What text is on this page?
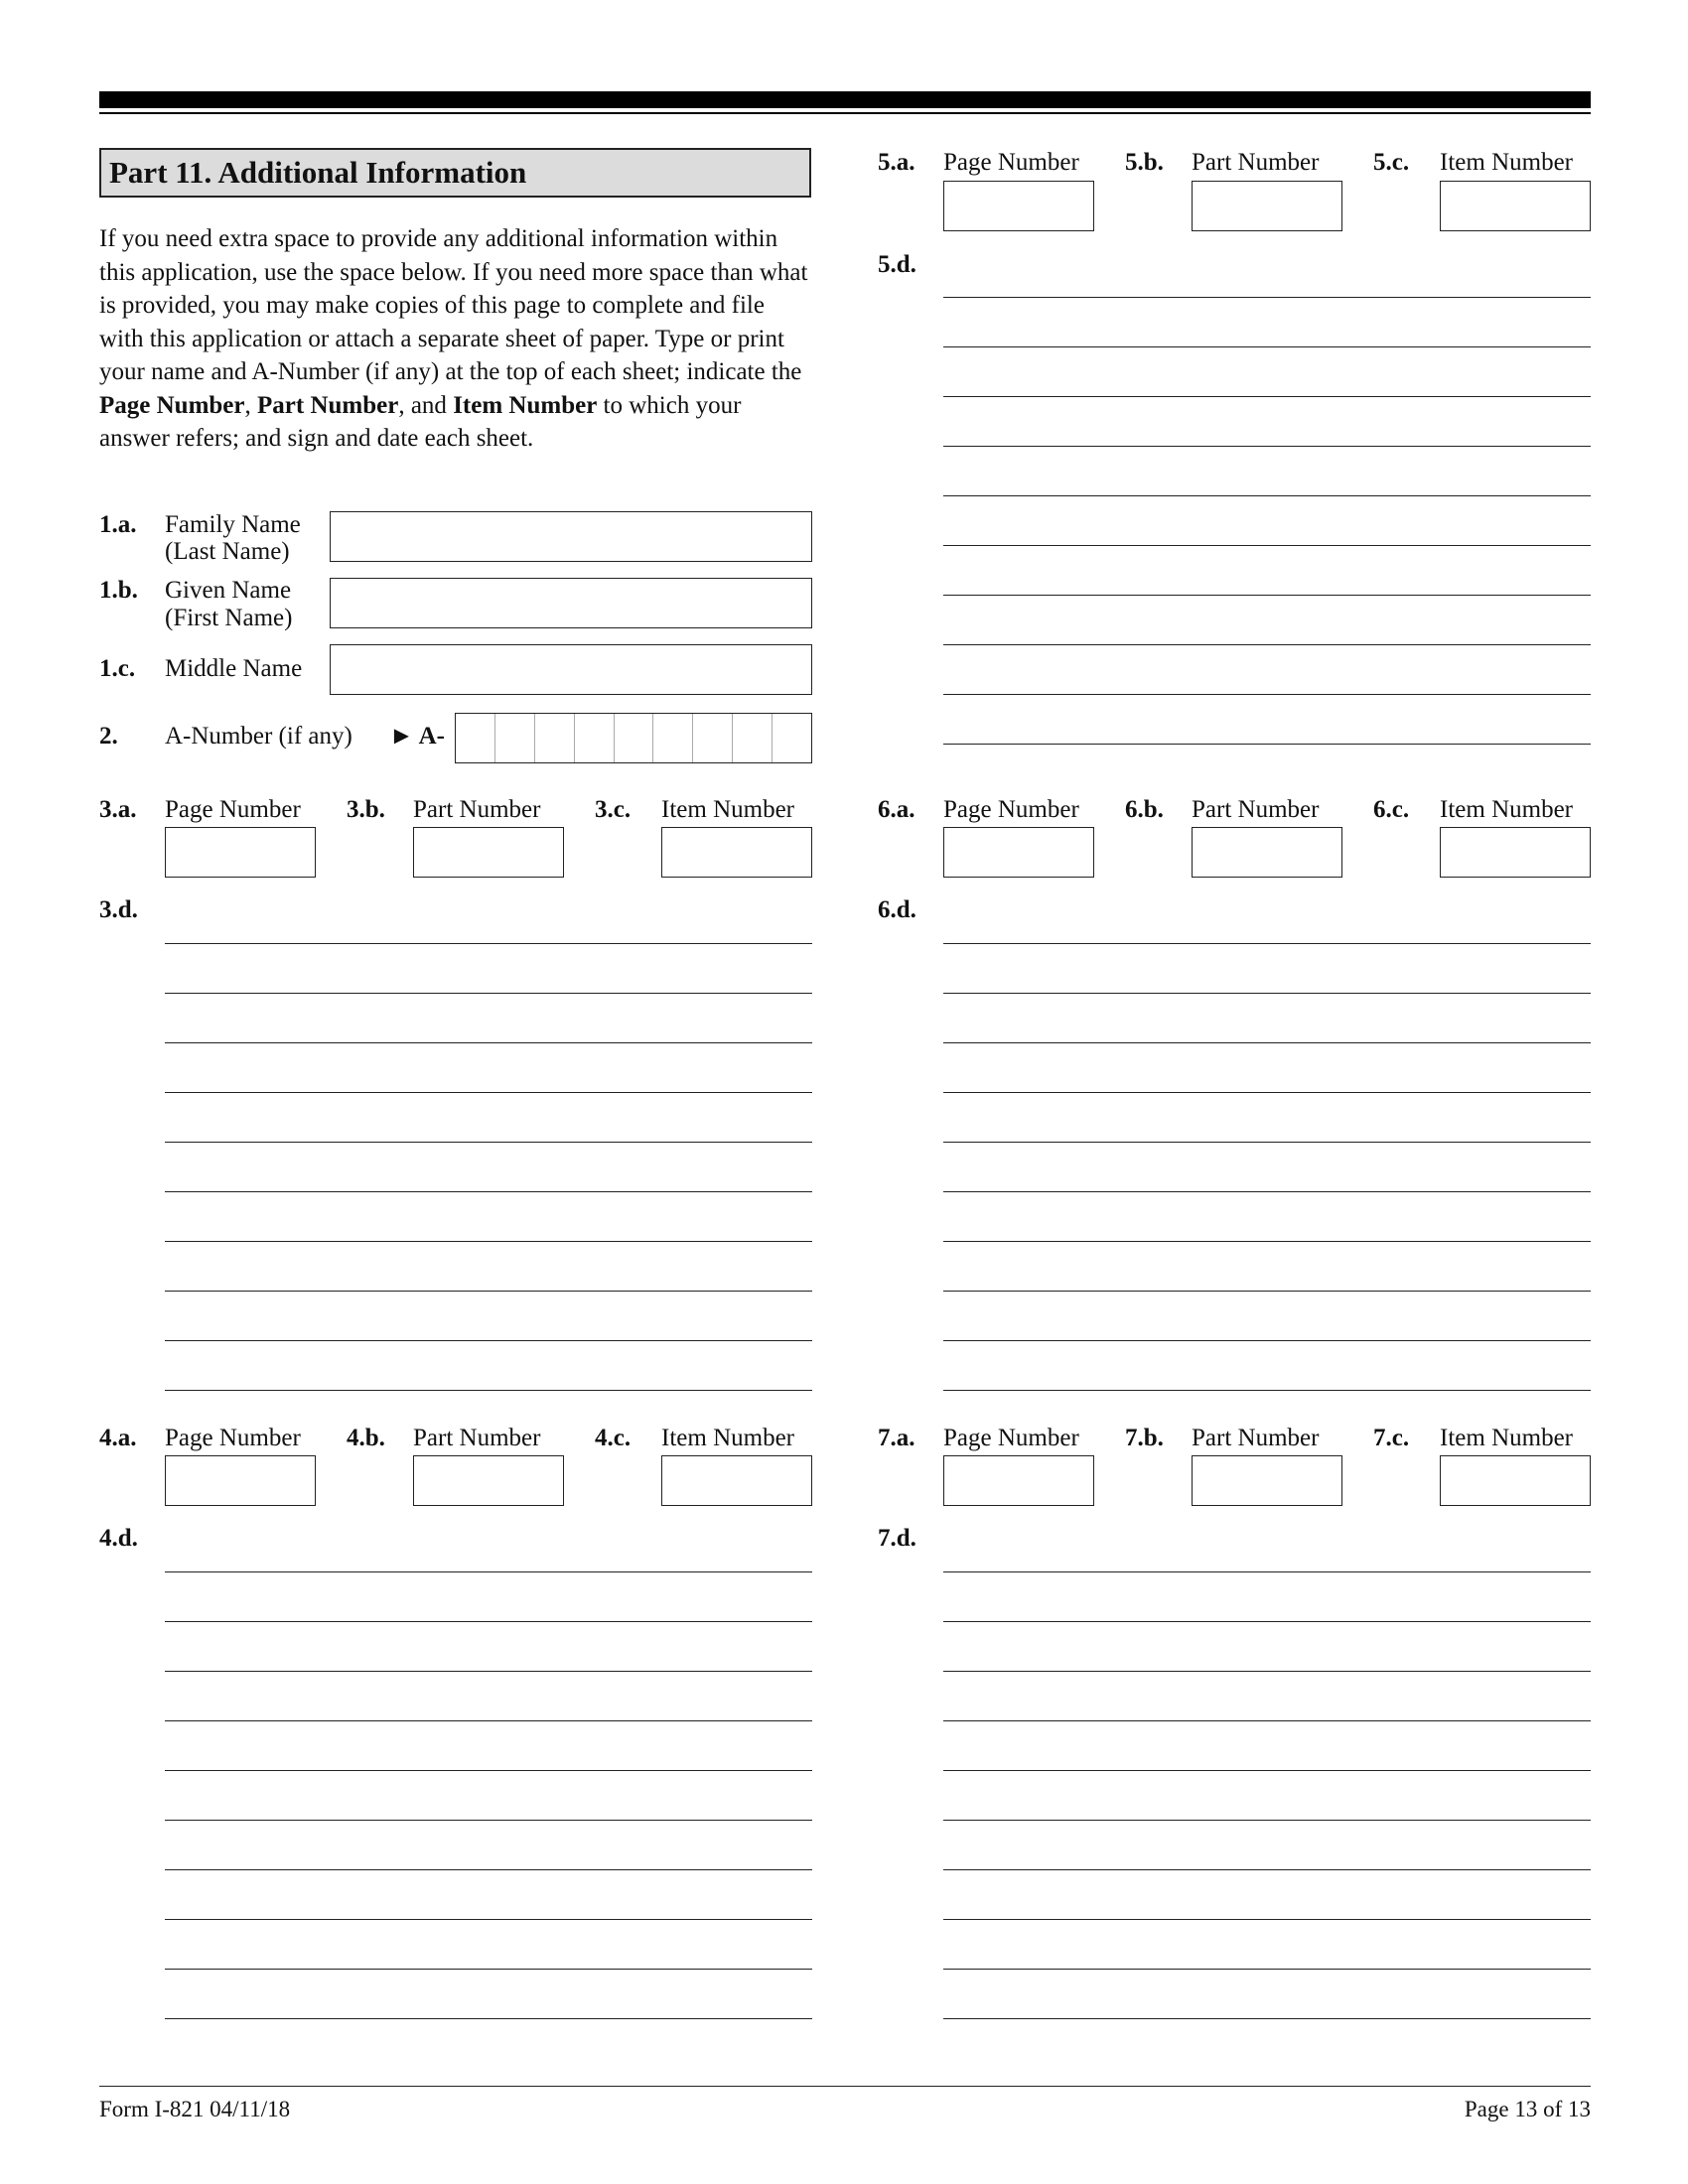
Part 11. Additional Information
If you need extra space to provide any additional information within this application, use the space below. If you need more space than what is provided, you may make copies of this page to complete and file with this application or attach a separate sheet of paper. Type or print your name and A-Number (if any) at the top of each sheet; indicate the Page Number, Part Number, and Item Number to which your answer refers; and sign and date each sheet.
1.a. Family Name
(Last Name)
1.b. Given Name
(First Name)
1.c. Middle Name
2. A-Number (if any) ► A-
3.a. Page Number 3.b. Part Number 3.c. Item Number
3.d.
4.a. Page Number 4.b. Part Number 4.c. Item Number
4.d.
5.a. Page Number 5.b. Part Number 5.c. Item Number
5.d.
6.a. Page Number 6.b. Part Number 6.c. Item Number
6.d.
7.a. Page Number 7.b. Part Number 7.c. Item Number
7.d.
Form I-821 04/11/18	Page 13 of 13
